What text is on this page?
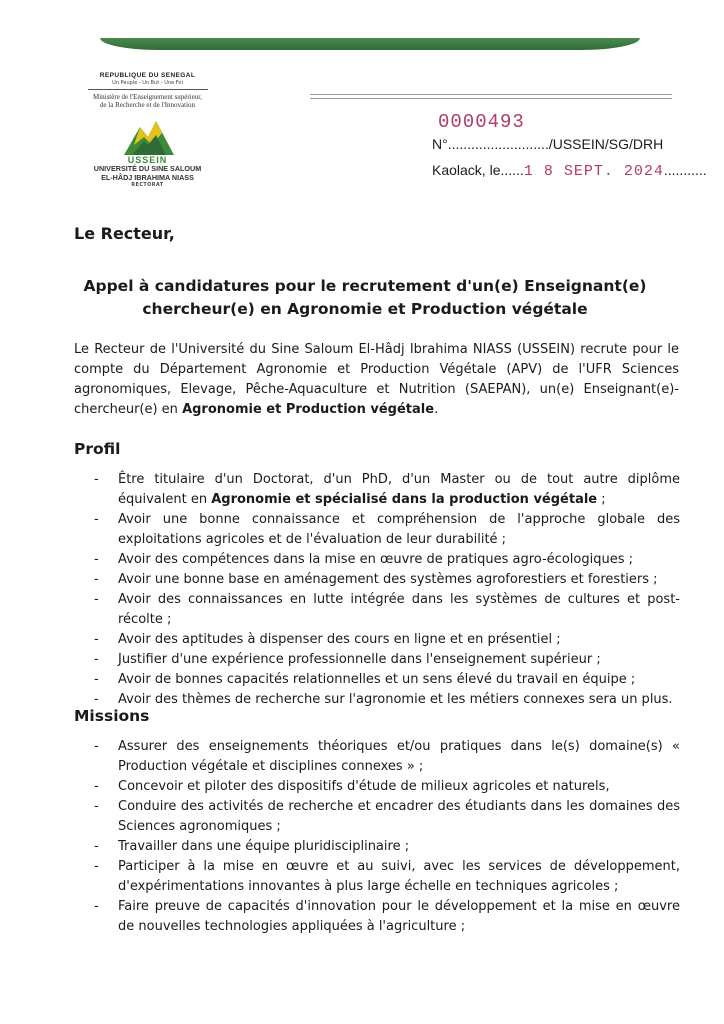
REPUBLIQUE DU SENEGAL
Un Peuple - Un But - Une Foi
Ministère de l'Enseignement supérieur,
de la Recherche et de l'Innovation
USSEIN
UNIVERSITÉ DU SINE SALOUM
EL-HÂDJ IBRAHIMA NIASS
RECTORAT
0000493
N°........................../USSEIN/SG/DRH
Kaolack, le......1 8 SEPT. 2024...........
Le Recteur,
Appel à candidatures pour le recrutement d'un(e) Enseignant(e)
chercheur(e) en Agronomie et Production végétale
Le Recteur de l'Université du Sine Saloum El-Hâdj Ibrahima NIASS (USSEIN) recrute pour le compte du Département Agronomie et Production Végétale (APV) de l'UFR Sciences agronomiques, Elevage, Pêche-Aquaculture et Nutrition (SAEPAN), un(e) Enseignant(e)-chercheur(e) en Agronomie et Production végétale.
Profil
- Être titulaire d'un Doctorat, d'un PhD, d'un Master ou de tout autre diplôme équivalent en Agronomie et spécialisé dans la production végétale ;
- Avoir une bonne connaissance et compréhension de l'approche globale des exploitations agricoles et de l'évaluation de leur durabilité ;
- Avoir des compétences dans la mise en œuvre de pratiques agro-écologiques ;
- Avoir une bonne base en aménagement des systèmes agroforestiers et forestiers ;
- Avoir des connaissances en lutte intégrée dans les systèmes de cultures et post-récolte ;
- Avoir des aptitudes à dispenser des cours en ligne et en présentiel ;
- Justifier d'une expérience professionnelle dans l'enseignement supérieur ;
- Avoir de bonnes capacités relationnelles et un sens élevé du travail en équipe ;
- Avoir des thèmes de recherche sur l'agronomie et les métiers connexes sera un plus.
Missions
- Assurer des enseignements théoriques et/ou pratiques dans le(s) domaine(s) « Production végétale et disciplines connexes » ;
- Concevoir et piloter des dispositifs d'étude de milieux agricoles et naturels,
- Conduire des activités de recherche et encadrer des étudiants dans les domaines des Sciences agronomiques ;
- Travailler dans une équipe pluridisciplinaire ;
- Participer à la mise en œuvre et au suivi, avec les services de développement, d'expérimentations innovantes à plus large échelle en techniques agricoles ;
- Faire preuve de capacités d'innovation pour le développement et la mise en œuvre de nouvelles technologies appliquées à l'agriculture ;
